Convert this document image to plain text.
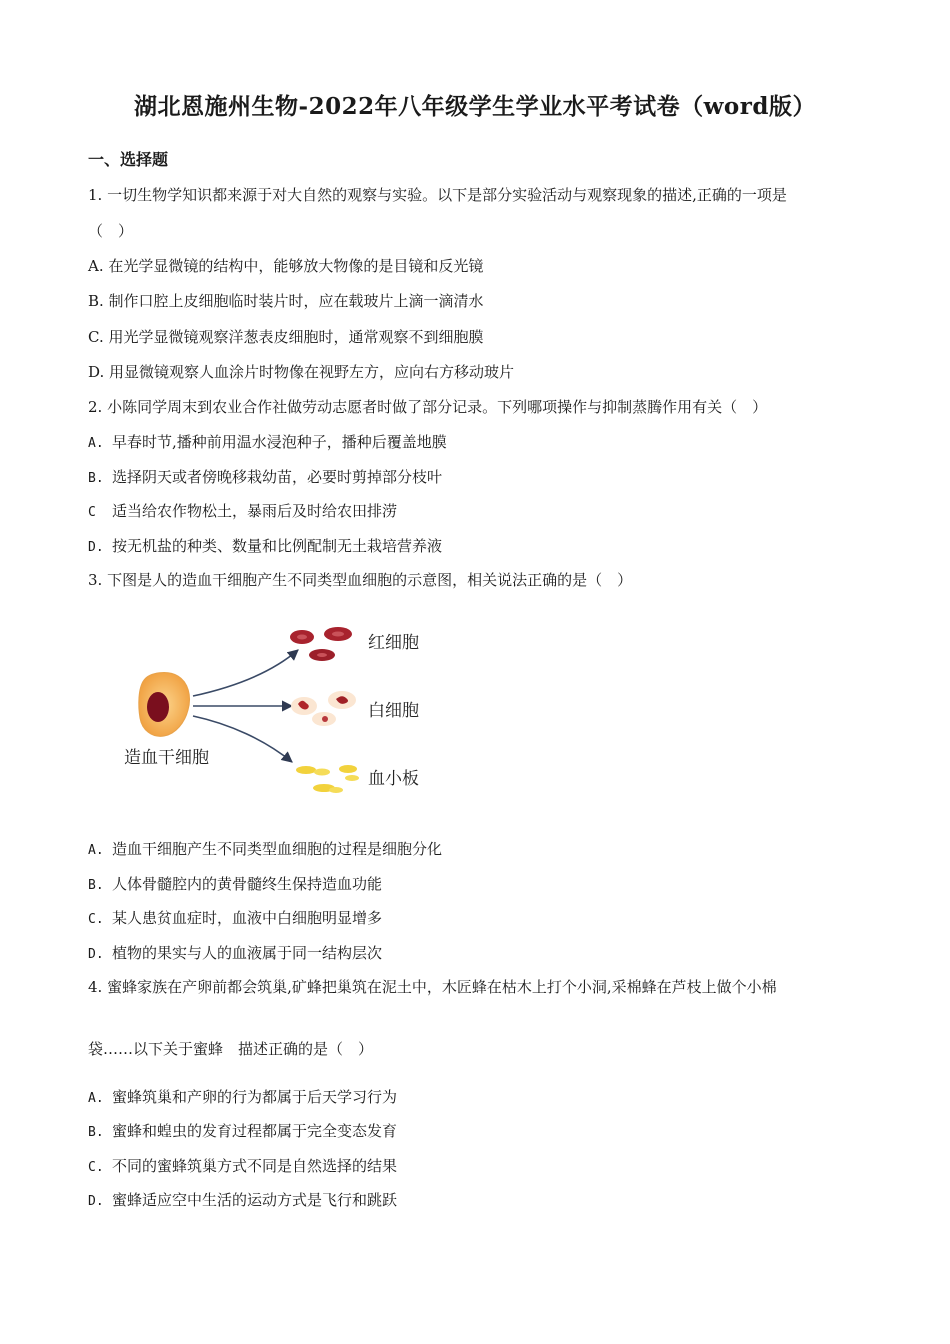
湖北恩施州生物-2022年八年级学生学业水平考试卷（word版）
一、选择题
1. 一切生物学知识都来源于对大自然的观察与实验。以下是部分实验活动与观察现象的描述,正确的一项是
（　）
A. 在光学显微镜的结构中，能够放大物像的是目镜和反光镜
B. 制作口腔上皮细胞临时装片时，应在载玻片上滴一滴清水
C. 用光学显微镜观察洋葱表皮细胞时，通常观察不到细胞膜
D. 用显微镜观察人血涂片时物像在视野左方，应向右方移动玻片
2. 小陈同学周末到农业合作社做劳动志愿者时做了部分记录。下列哪项操作与抑制蒸腾作用有关（　）
A. 早春时节,播种前用温水浸泡种子，播种后覆盖地膜
B. 选择阴天或者傍晚移栽幼苗，必要时剪掉部分枝叶
C 适当给农作物松土，暴雨后及时给农田排涝
D. 按无机盐的种类、数量和比例配制无土栽培营养液
3. 下图是人的造血干细胞产生不同类型血细胞的示意图，相关说法正确的是（　）
造血干细胞
红细胞
白细胞
血小板
A. 造血干细胞产生不同类型血细胞的过程是细胞分化
B. 人体骨髓腔内的黄骨髓终生保持造血功能
C. 某人患贫血症时，血液中白细胞明显增多
D. 植物的果实与人的血液属于同一结构层次
4. 蜜蜂家族在产卵前都会筑巢,矿蜂把巢筑在泥土中，木匠蜂在枯木上打个小洞,采棉蜂在芦枝上做个小棉
袋……以下关于蜜蜂　描述正确的是（　）
A. 蜜蜂筑巢和产卵的行为都属于后天学习行为
B. 蜜蜂和蝗虫的发育过程都属于完全变态发育
C. 不同的蜜蜂筑巢方式不同是自然选择的结果
D. 蜜蜂适应空中生活的运动方式是飞行和跳跃
